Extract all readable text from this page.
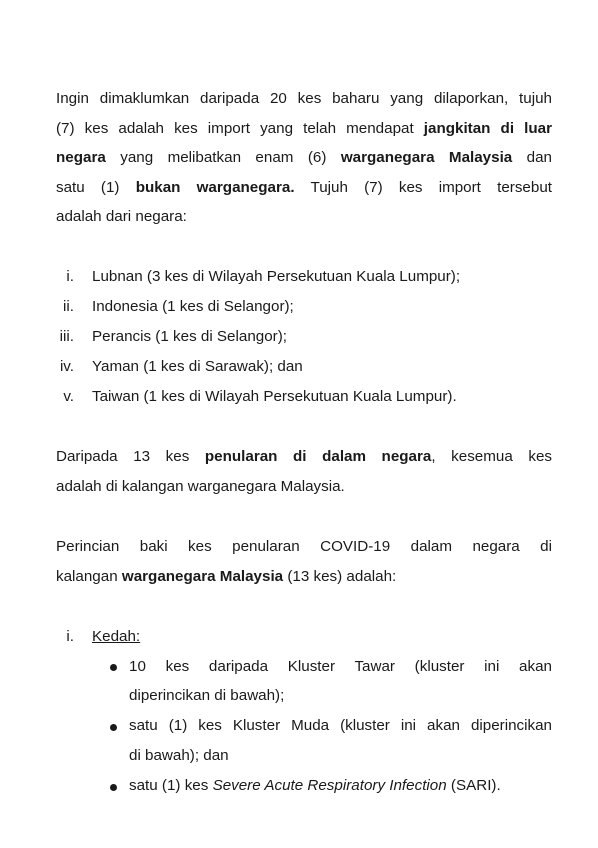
Ingin dimaklumkan daripada 20 kes baharu yang dilaporkan, tujuh
(7) kes adalah kes import yang telah mendapat jangkitan di luar
negara yang melibatkan enam (6) warganegara Malaysia dan
satu (1) bukan warganegara. Tujuh (7) kes import tersebut
adalah dari negara:
i. Lubnan (3 kes di Wilayah Persekutuan Kuala Lumpur);
ii. Indonesia (1 kes di Selangor);
iii. Perancis (1 kes di Selangor);
iv. Yaman (1 kes di Sarawak); dan
v. Taiwan (1 kes di Wilayah Persekutuan Kuala Lumpur).
Daripada 13 kes penularan di dalam negara, kesemua kes
adalah di kalangan warganegara Malaysia.
Perincian baki kes penularan COVID-19 dalam negara di
kalangan warganegara Malaysia (13 kes) adalah:
i. Kedah:
10 kes daripada Kluster Tawar (kluster ini akan
diperincikan di bawah);
satu (1) kes Kluster Muda (kluster ini akan diperincikan
di bawah); dan
satu (1) kes Severe Acute Respiratory Infection (SARI).
